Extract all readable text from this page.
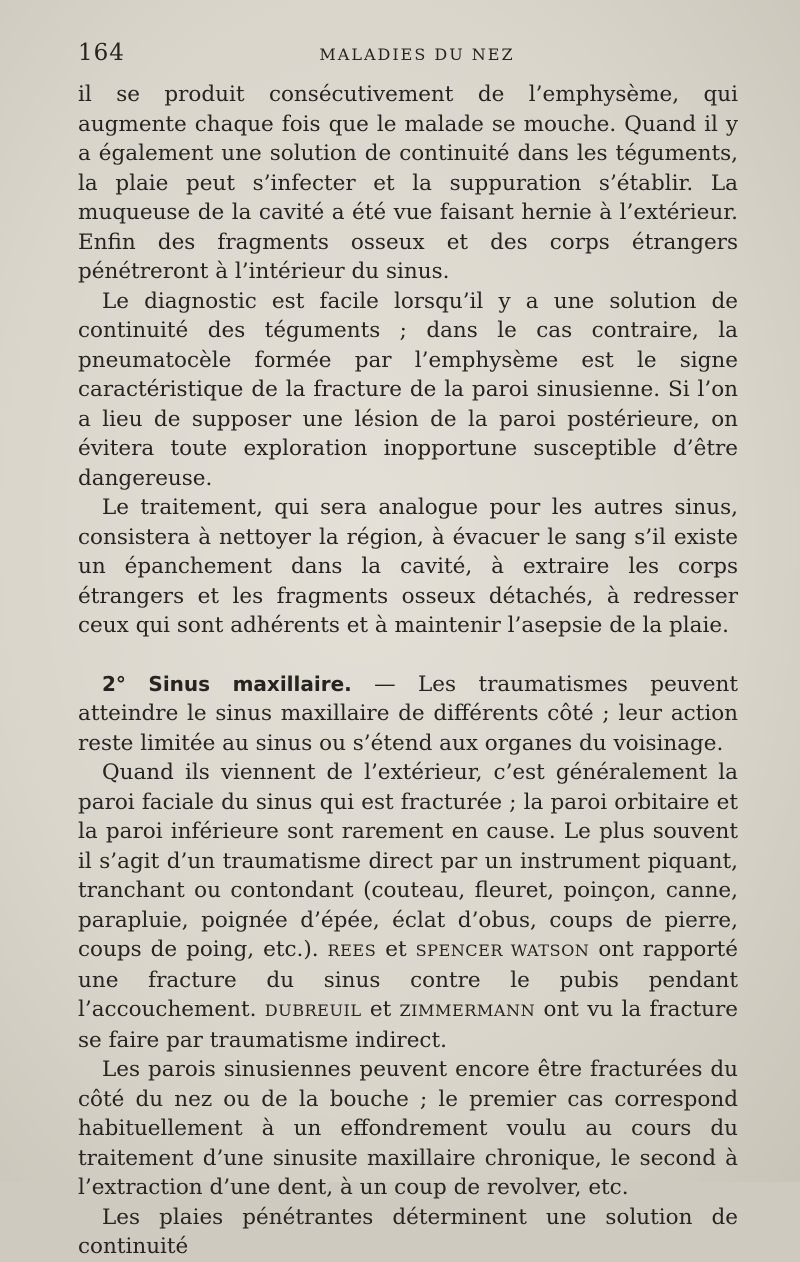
164	MALADIES DU NEZ

il se produit consécutivement de l’emphysème, qui augmente chaque fois que le malade se mouche. Quand il y a également une solution de continuité dans les téguments, la plaie peut s’infecter et la suppuration s’établir. La muqueuse de la cavité a été vue faisant hernie à l’extérieur. Enfin des fragments osseux et des corps étrangers pénétreront à l’intérieur du sinus.

Le diagnostic est facile lorsqu’il y a une solution de continuité des téguments ; dans le cas contraire, la pneumatocèle formée par l’emphysème est le signe caractéristique de la fracture de la paroi sinusienne. Si l’on a lieu de supposer une lésion de la paroi postérieure, on évitera toute exploration inopportune susceptible d’être dangereuse.

Le traitement, qui sera analogue pour les autres sinus, consistera à nettoyer la région, à évacuer le sang s’il existe un épanchement dans la cavité, à extraire les corps étrangers et les fragments osseux détachés, à redresser ceux qui sont adhérents et à maintenir l’asepsie de la plaie.

2° Sinus maxillaire. — Les traumatismes peuvent atteindre le sinus maxillaire de différents côté ; leur action reste limitée au sinus ou s’étend aux organes du voisinage.

Quand ils viennent de l’extérieur, c’est généralement la paroi faciale du sinus qui est fracturée ; la paroi orbitaire et la paroi inférieure sont rarement en cause. Le plus souvent il s’agit d’un traumatisme direct par un instrument piquant, tranchant ou contondant (couteau, fleuret, poinçon, canne, parapluie, poignée d’épée, éclat d’obus, coups de pierre, coups de poing, etc.). REES et SPENCER WATSON ont rapporté une fracture du sinus contre le pubis pendant l’accouchement. DUBREUIL et ZIMMERMANN ont vu la fracture se faire par traumatisme indirect.

Les parois sinusiennes peuvent encore être fracturées du côté du nez ou de la bouche ; le premier cas correspond habituellement à un effondrement voulu au cours du traitement d’une sinusite maxillaire chronique, le second à l’extraction d’une dent, à un coup de revolver, etc.

Les plaies pénétrantes déterminent une solution de continuité
